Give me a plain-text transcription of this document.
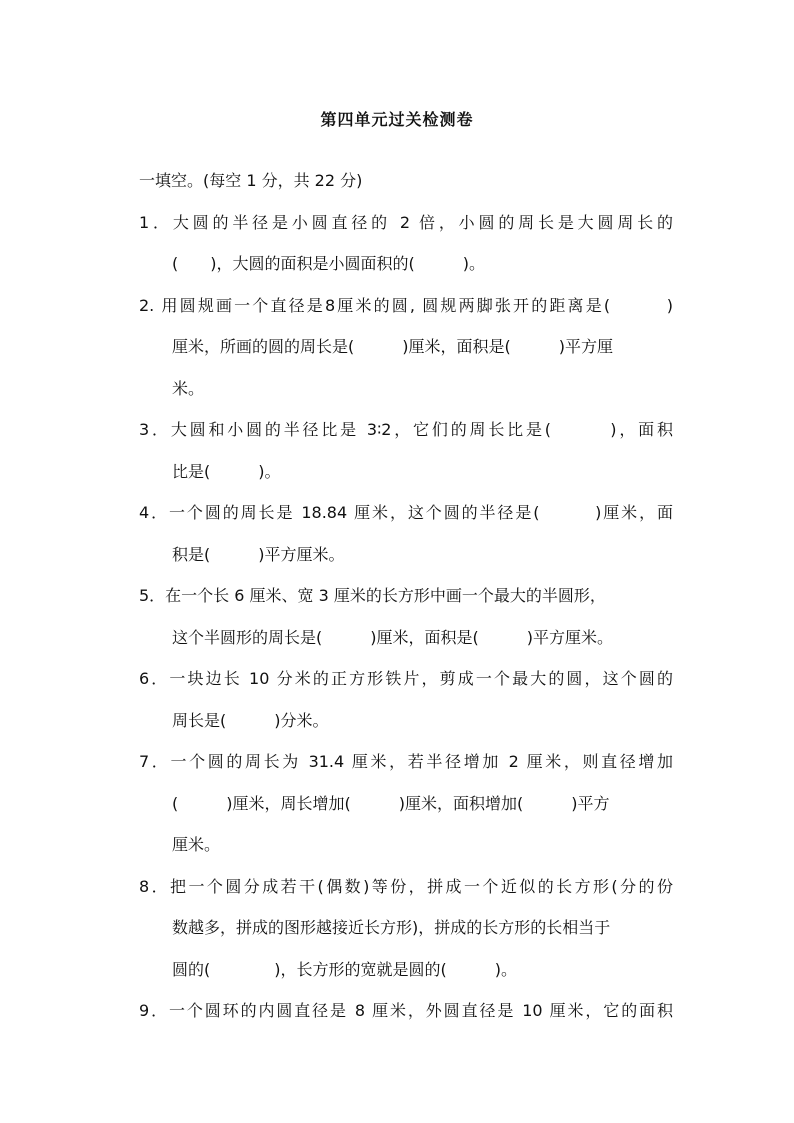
第四单元过关检测卷
一填空。(每空 1 分，共 22 分)
1．大圆的半径是小圆直径的 2 倍，小圆的周长是大圆周长的
(　　)，大圆的面积是小圆面积的(　　　)。
2. 用圆规画一个直径是8厘米的圆, 圆规两脚张开的距离是(　　　)
厘米，所画的圆的周长是(　　　)厘米，面积是(　　　)平方厘
米。
3．大圆和小圆的半径比是 3∶2，它们的周长比是(　　　)，面积
比是(　　　)。
4．一个圆的周长是 18.84 厘米，这个圆的半径是(　　　)厘米，面
积是(　　　)平方厘米。
5．在一个长 6 厘米、宽 3 厘米的长方形中画一个最大的半圆形，
这个半圆形的周长是(　　　)厘米，面积是(　　　)平方厘米。
6．一块边长 10 分米的正方形铁片，剪成一个最大的圆，这个圆的
周长是(　　　)分米。
7．一个圆的周长为 31.4 厘米，若半径增加 2 厘米，则直径增加
(　　　)厘米，周长增加(　　　)厘米，面积增加(　　　)平方
厘米。
8．把一个圆分成若干(偶数)等份，拼成一个近似的长方形(分的份
数越多，拼成的图形越接近长方形)，拼成的长方形的长相当于
圆的(　　　　)，长方形的宽就是圆的(　　　)。
9．一个圆环的内圆直径是 8 厘米，外圆直径是 10 厘米，它的面积
